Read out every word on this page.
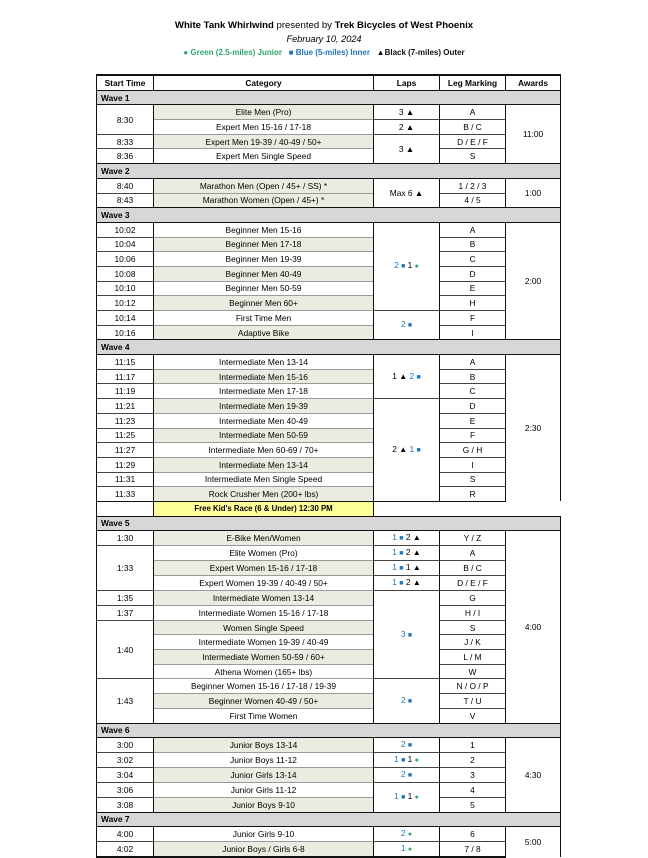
White Tank Whirlwind presented by Trek Bicycles of West Phoenix
February 10, 2024
● Green (2.5-miles) Junior ■ Blue (5-miles) Inner ▲Black (7-miles) Outer
Start Time	Category	Laps	Leg Marking	Awards
Wave 1				
8:30	Elite Men (Pro)	3 ▲	A	11:00
	Expert Men 15-16 / 17-18	2 ▲	B / C	
8:33	Expert Men 19-39 / 40-49 / 50+	3 ▲	D / E / F	
8:36	Expert Men Single Speed		S	
Wave 2				
8:40	Marathon Men (Open / 45+ / SS) *	Max 6 ▲	1 / 2 / 3	1:00
8:43	Marathon Women (Open / 45+) *		4 / 5	
Wave 3				
10:02	Beginner Men 15-16	2 ■ 1 ●	A	2:00
10:04	Beginner Men 17-18		B	
10:06	Beginner Men 19-39		C	
10:08	Beginner Men 40-49		D	
10:10	Beginner Men 50-59		E	
10:12	Beginner Men 60+		H	
10:14	First Time Men	2 ■	F	
10:16	Adaptive Bike		I	
Wave 4				
11:15	Intermediate Men 13-14	1 ▲ 2 ■	A	2:30
11:17	Intermediate Men 15-16		B	
11:19	Intermediate Men 17-18		C	
11:21	Intermediate Men 19-39	2 ▲ 1 ■	D	
11:23	Intermediate Men 40-49		E	
11:25	Intermediate Men 50-59		F	
11:27	Intermediate Men 60-69 / 70+		G / H	
11:29	Intermediate Men 13-14		I	
11:31	Intermediate Men Single Speed		S	
11:33	Rock Crusher Men (200+ lbs)		R	
	Free Kid's Race (6 & Under) 12:30 PM			
Wave 5				
1:30	E-Bike Men/Women	1 ■ 2 ▲	Y / Z	4:00
1:33	Elite Women (Pro)	1 ■ 2 ▲	A	
	Expert Women 15-16 / 17-18	1 ■ 1 ▲	B / C	
	Expert Women 19-39 / 40-49 / 50+	1 ■ 2 ▲	D / E / F	
1:35	Intermediate Women 13-14	3 ■	G	
1:37	Intermediate Women 15-16 / 17-18		H / I	
1:40	Women Single Speed		S	
	Intermediate Women 19-39 / 40-49		J / K	
	Intermediate Women 50-59 / 60+		L / M	
	Athena Women (165+ lbs)		W	
1:43	Beginner Women 15-16 / 17-18 / 19-39	2 ■	N / O / P	
	Beginner Women 40-49 / 50+		T / U	
	First Time Women		V	
Wave 6				
3:00	Junior Boys 13-14	2 ■	1	4:30
3:02	Junior Boys 11-12	1 ■ 1 ●	2	
3:04	Junior Girls 13-14	2 ■	3	
3:06	Junior Girls 11-12	1 ■ 1 ●	4	
3:08	Junior Boys 9-10		5	
Wave 7				
4:00	Junior Girls 9-10	2 ●	6	5:00
4:02	Junior Boys / Girls 6-8	1 ●	7 / 8	
